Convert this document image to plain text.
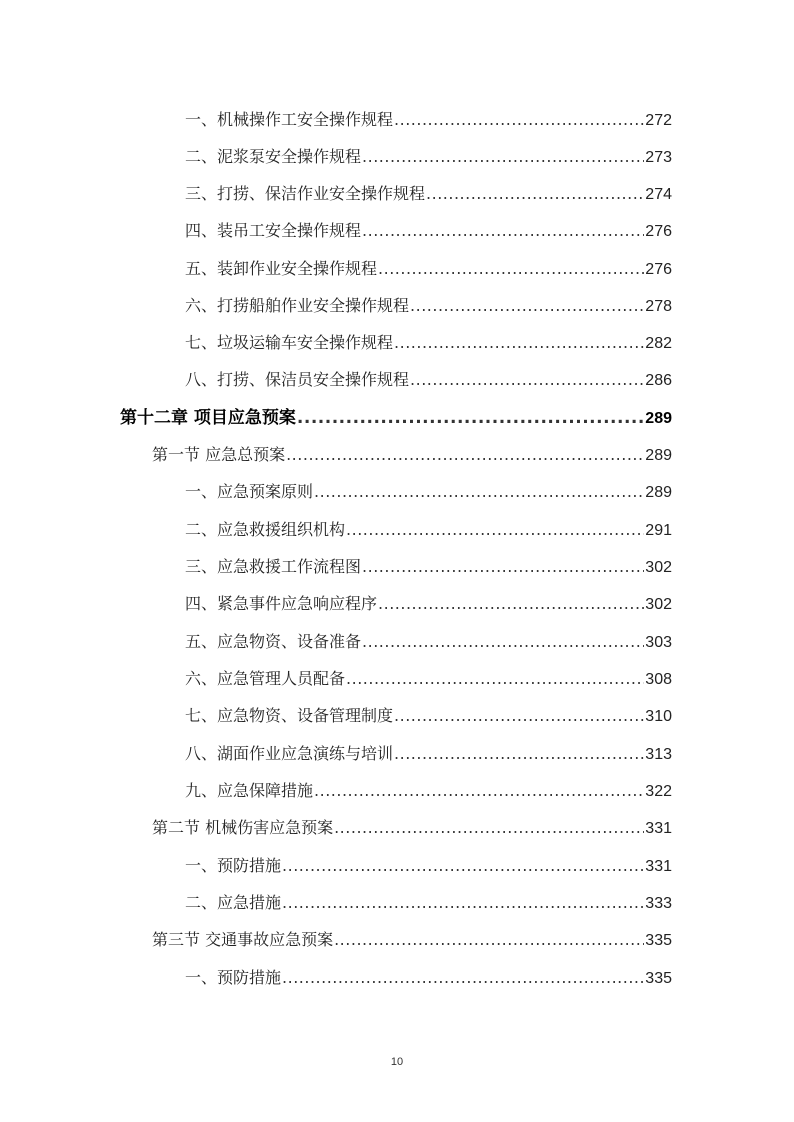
一、机械操作工安全操作规程 .....	272
二、泥浆泵安全操作规程 .....	273
三、打捞、保洁作业安全操作规程 .....	274
四、装吊工安全操作规程 .....	276
五、装卸作业安全操作规程 .....	276
六、打捞船舶作业安全操作规程 .....	278
七、垃圾运输车安全操作规程 .....	282
八、打捞、保洁员安全操作规程 .....	286
第十二章 项目应急预案 .....	289
第一节 应急总预案 .....	289
一、应急预案原则 .....	289
二、应急救援组织机构 .....	291
三、应急救援工作流程图 .....	302
四、紧急事件应急响应程序 .....	302
五、应急物资、设备准备 .....	303
六、应急管理人员配备 .....	308
七、应急物资、设备管理制度 .....	310
八、湖面作业应急演练与培训 .....	313
九、应急保障措施 .....	322
第二节 机械伤害应急预案 .....	331
一、预防措施 .....	331
二、应急措施 .....	333
第三节 交通事故应急预案 .....	335
一、预防措施 .....	335
10
